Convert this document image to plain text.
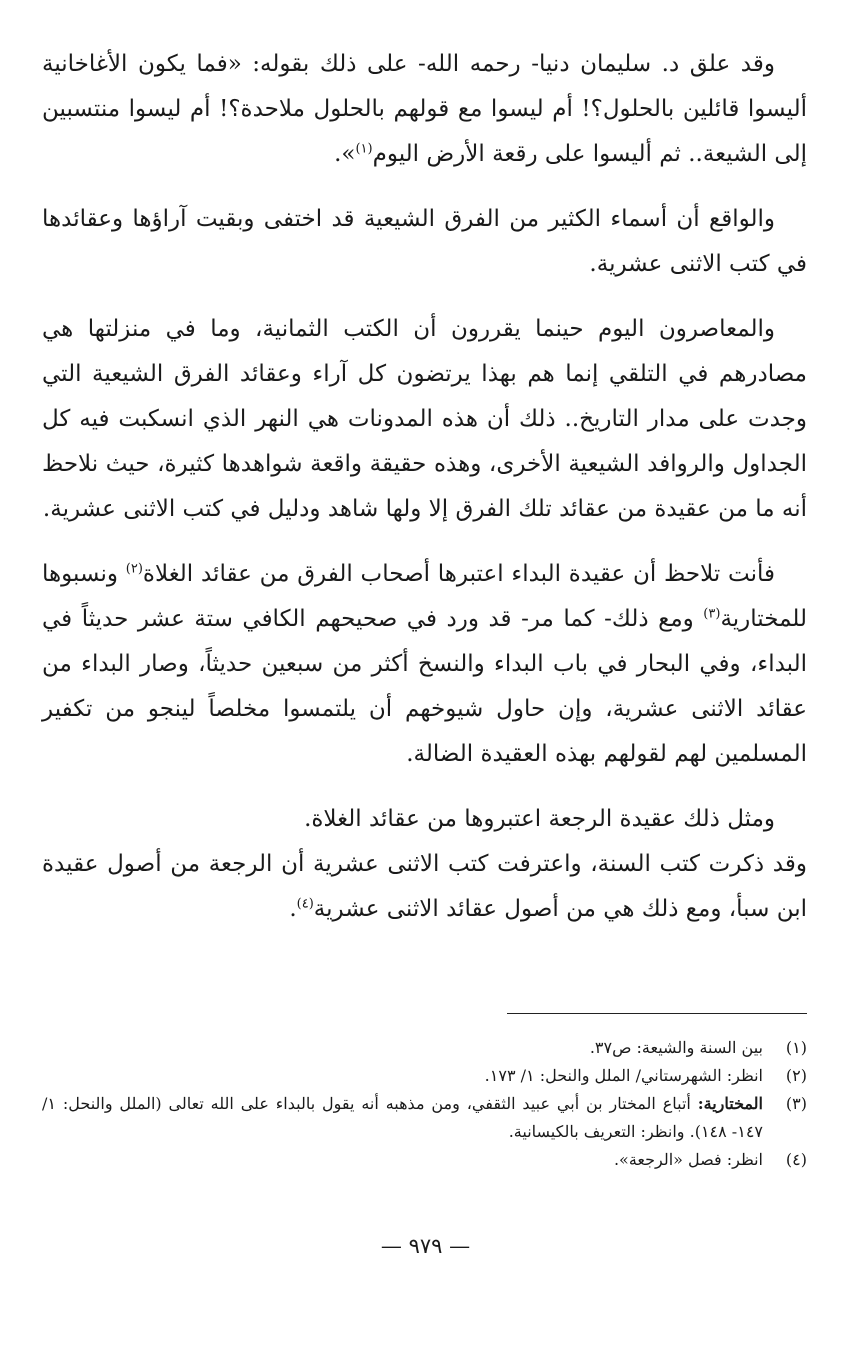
وقد علق د. سليمان دنيا- رحمه الله- على ذلك بقوله: «فما يكون الأغاخانية أليسوا قائلين بالحلول؟! أم ليسوا مع قولهم بالحلول ملاحدة؟! أم ليسوا منتسبين إلى الشيعة.. ثم أليسوا على رقعة الأرض اليوم$^{(١)}$».

والواقع أن أسماء الكثير من الفرق الشيعية قد اختفى وبقيت آراؤها وعقائدها في كتب الاثنى عشرية.

والمعاصرون اليوم حينما يقررون أن الكتب الثمانية، وما في منزلتها هي مصادرهم في التلقي إنما هم بهذا يرتضون كل آراء وعقائد الفرق الشيعية التي وجدت على مدار التاريخ.. ذلك أن هذه المدونات هي النهر الذي انسكبت فيه كل الجداول والروافد الشيعية الأخرى، وهذه حقيقة واقعة شواهدها كثيرة، حيث نلاحظ أنه ما من عقيدة من عقائد تلك الفرق إلا ولها شاهد ودليل في كتب الاثنى عشرية.

فأنت تلاحظ أن عقيدة البداء اعتبرها أصحاب الفرق من عقائد الغلاة$^{(٢)}$ ونسبوها للمختارية$^{(٣)}$ ومع ذلك- كما مر- قد ورد في صحيحهم الكافي ستة عشر حديثاً في البداء، وفي البحار في باب البداء والنسخ أكثر من سبعين حديثاً، وصار البداء من عقائد الاثنى عشرية، وإن حاول شيوخهم أن يلتمسوا مخلصاً لينجو من تكفير المسلمين لهم لقولهم بهذه العقيدة الضالة.

ومثل ذلك عقيدة الرجعة اعتبروها من عقائد الغلاة.

وقد ذكرت كتب السنة، واعترفت كتب الاثنى عشرية أن الرجعة من أصول عقيدة ابن سبأ، ومع ذلك هي من أصول عقائد الاثنى عشرية$^{(٤)}$.

(١)
بين السنة والشيعة: ص٣٧.
(٢)
انظر: الشهرستاني/ الملل والنحل: ١/ ١٧٣.
(٣)
المختارية: أتباع المختار بن أبي عبيد الثقفي، ومن مذهبه أنه يقول بالبداء على الله تعالى (الملل والنحل: ١/ ١٤٧- ١٤٨). وانظر: التعريف بالكيسانية.
(٤)
انظر: فصل «الرجعة».
— ٩٧٩ —
